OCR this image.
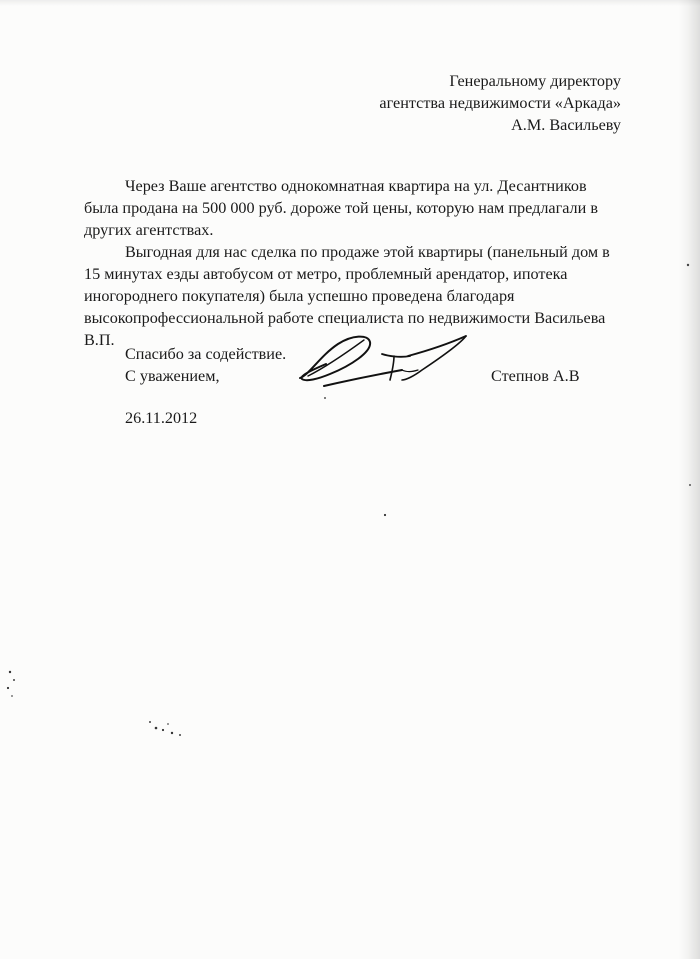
Генеральному директору
агентства недвижимости «Аркада»
А.М. Васильеву

Через Ваше агентство однокомнатная квартира на ул. Десантников была продана на 500 000 руб. дороже той цены, которую нам предлагали в других агентствах.

Выгодная для нас сделка по продаже этой квартиры (панельный дом в 15 минутах езды автобусом от метро, проблемный арендатор, ипотека иногороднего покупателя) была успешно проведена благодаря высокопрофессиональной работе специалиста по недвижимости Васильева В.П.

Спасибо за содействие.
С уважением,	Степнов А.В
26.11.2012
